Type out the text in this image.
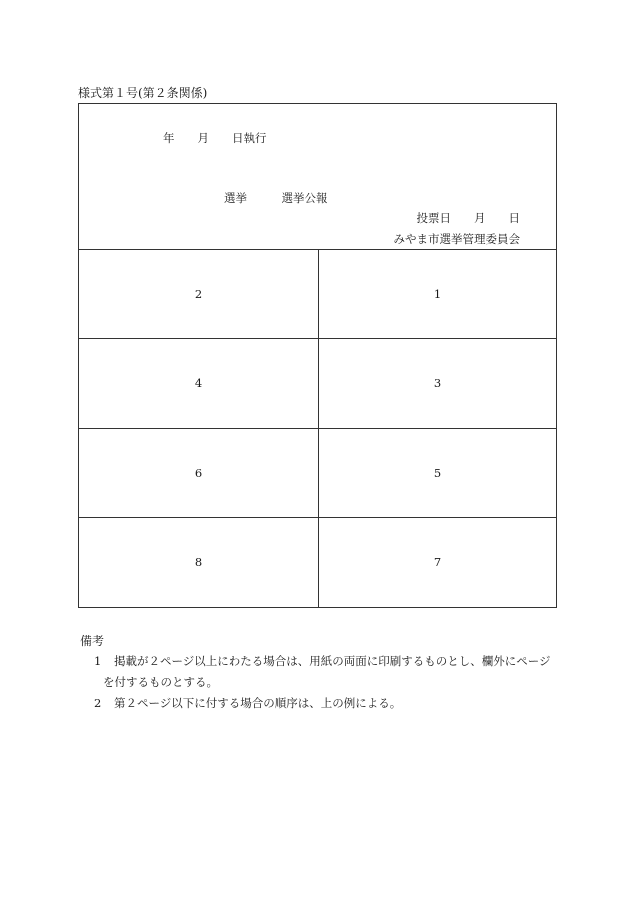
様式第１号(第２条関係)
年　　月　　日執行
選挙　　　選挙公報
投票日　　月　　日
みやま市選挙管理委員会
2	1
4	3
6	5
8	7
備考
1 掲載が２ページ以上にわたる場合は、用紙の両面に印刷するものとし、欄外にページ
を付するものとする。
2 第２ページ以下に付する場合の順序は、上の例による。
